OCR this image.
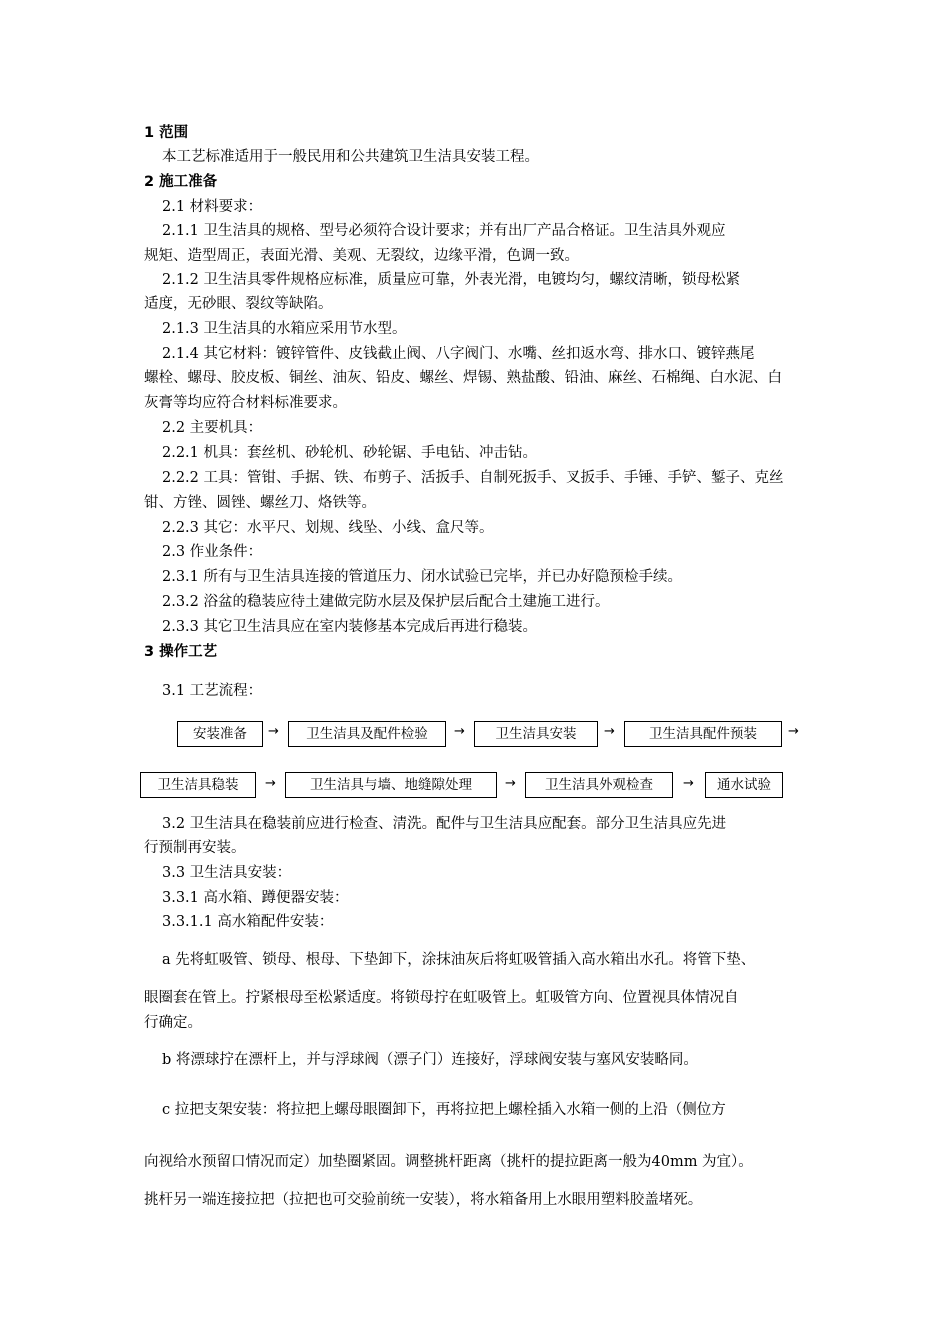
1 范围
本工艺标准适用于一般民用和公共建筑卫生洁具安装工程。
2 施工准备
2.1 材料要求：
2.1.1 卫生洁具的规格、型号必须符合设计要求；并有出厂产品合格证。卫生洁具外观应
规矩、造型周正，表面光滑、美观、无裂纹，边缘平滑，色调一致。
2.1.2 卫生洁具零件规格应标准，质量应可靠，外表光滑，电镀均匀，螺纹清晰，锁母松紧
适度，无砂眼、裂纹等缺陷。
2.1.3 卫生洁具的水箱应采用节水型。
2.1.4 其它材料：镀锌管件、皮钱截止阀、八字阀门、水嘴、丝扣返水弯、排水口、镀锌燕尾
螺栓、螺母、胶皮板、铜丝、油灰、铅皮、螺丝、焊锡、熟盐酸、铅油、麻丝、石棉绳、白水泥、白
灰膏等均应符合材料标准要求。
2.2 主要机具：
2.2.1 机具：套丝机、砂轮机、砂轮锯、手电钻、冲击钻。
2.2.2 工具：管钳、手据、铁、布剪子、活扳手、自制死扳手、叉扳手、手锤、手铲、錾子、克丝
钳、方锉、圆锉、螺丝刀、烙铁等。
2.2.3 其它：水平尺、划规、线坠、小线、盒尺等。
2.3 作业条件：
2.3.1 所有与卫生洁具连接的管道压力、闭水试验已完毕，并已办好隐预检手续。
2.3.2 浴盆的稳装应待土建做完防水层及保护层后配合土建施工进行。
2.3.3 其它卫生洁具应在室内装修基本完成后再进行稳装。
3 操作工艺
3.1 工艺流程：
安装准备	→	卫生洁具及配件检验	→	卫生洁具安装	→	卫生洁具配件预装	→
卫生洁具稳装	→	卫生洁具与墙、地缝隙处理	→	卫生洁具外观检查	→	通水试验
3.2 卫生洁具在稳装前应进行检查、清洗。配件与卫生洁具应配套。部分卫生洁具应先进
行预制再安装。
3.3 卫生洁具安装：
3.3.1 高水箱、蹲便器安装：
3.3.1.1 高水箱配件安装：
a 先将虹吸管、锁母、根母、下垫卸下，涂抹油灰后将虹吸管插入高水箱出水孔。将管下垫、
眼圈套在管上。拧紧根母至松紧适度。将锁母拧在虹吸管上。虹吸管方向、位置视具体情况自
行确定。
b 将漂球拧在漂杆上，并与浮球阀（漂子门）连接好，浮球阀安装与塞风安装略同。
c 拉把支架安装：将拉把上螺母眼圈卸下，再将拉把上螺栓插入水箱一侧的上沿（侧位方
向视给水预留口情况而定）加垫圈紧固。调整挑杆距离（挑杆的提拉距离一般为40mm 为宜）。
挑杆另一端连接拉把（拉把也可交验前统一安装），将水箱备用上水眼用塑料胶盖堵死。
